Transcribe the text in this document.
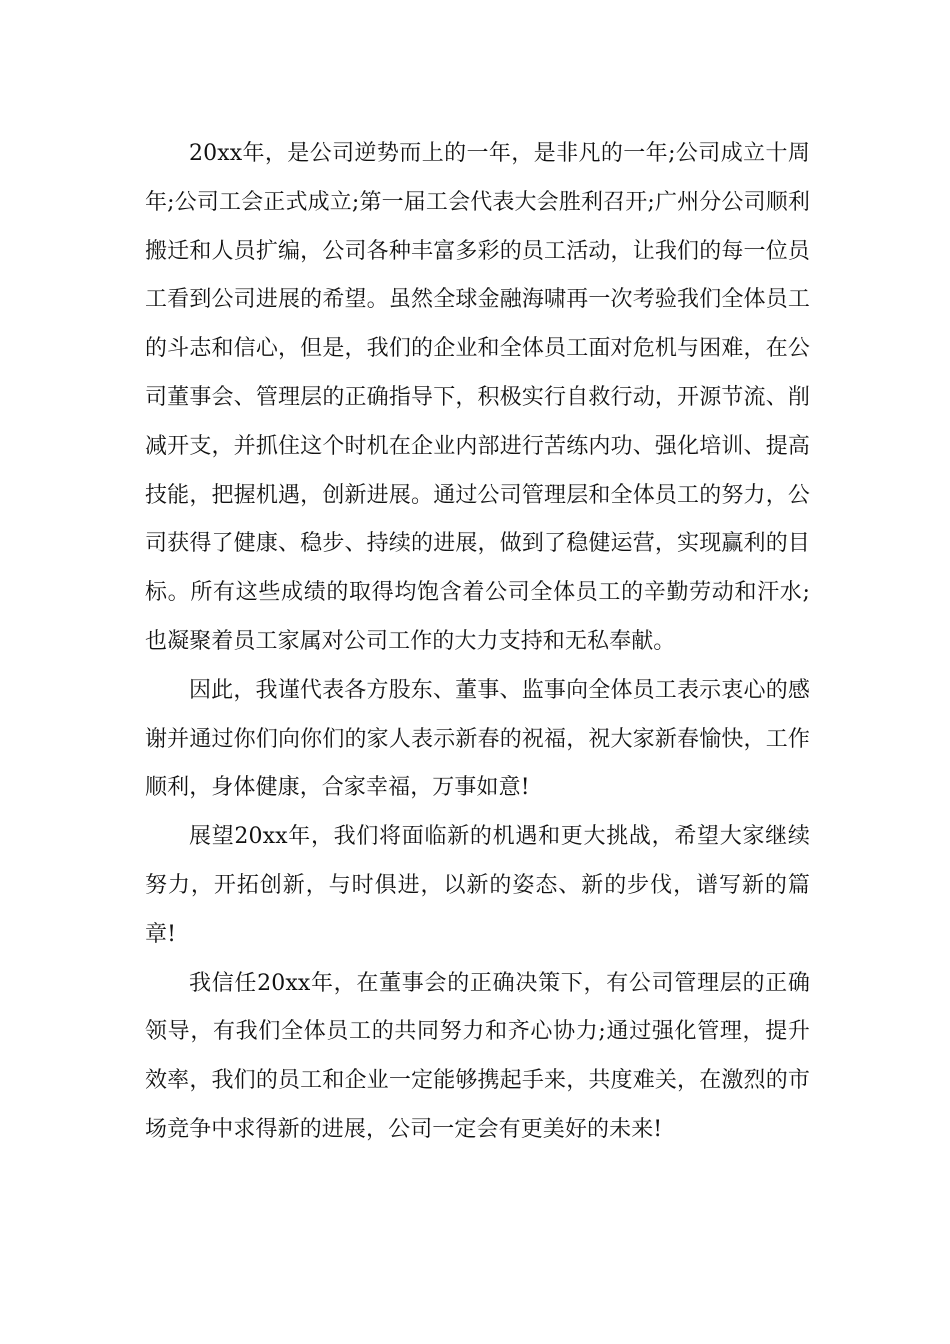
20xx年，是公司逆势而上的一年，是非凡的一年;公司成立十周年;公司工会正式成立;第一届工会代表大会胜利召开;广州分公司顺利搬迁和人员扩编，公司各种丰富多彩的员工活动，让我们的每一位员工看到公司进展的希望。虽然全球金融海啸再一次考验我们全体员工的斗志和信心，但是，我们的企业和全体员工面对危机与困难，在公司董事会、管理层的正确指导下，积极实行自救行动，开源节流、削减开支，并抓住这个时机在企业内部进行苦练内功、强化培训、提高技能，把握机遇，创新进展。通过公司管理层和全体员工的努力，公司获得了健康、稳步、持续的进展，做到了稳健运营，实现赢利的目标。所有这些成绩的取得均饱含着公司全体员工的辛勤劳动和汗水;也凝聚着员工家属对公司工作的大力支持和无私奉献。

因此，我谨代表各方股东、董事、监事向全体员工表示衷心的感谢并通过你们向你们的家人表示新春的祝福，祝大家新春愉快，工作顺利，身体健康，合家幸福，万事如意!

展望20xx年，我们将面临新的机遇和更大挑战，希望大家继续努力，开拓创新，与时俱进，以新的姿态、新的步伐，谱写新的篇章!

我信任20xx年，在董事会的正确决策下，有公司管理层的正确领导，有我们全体员工的共同努力和齐心协力;通过强化管理，提升效率，我们的员工和企业一定能够携起手来，共度难关，在激烈的市场竞争中求得新的进展，公司一定会有更美好的未来!
